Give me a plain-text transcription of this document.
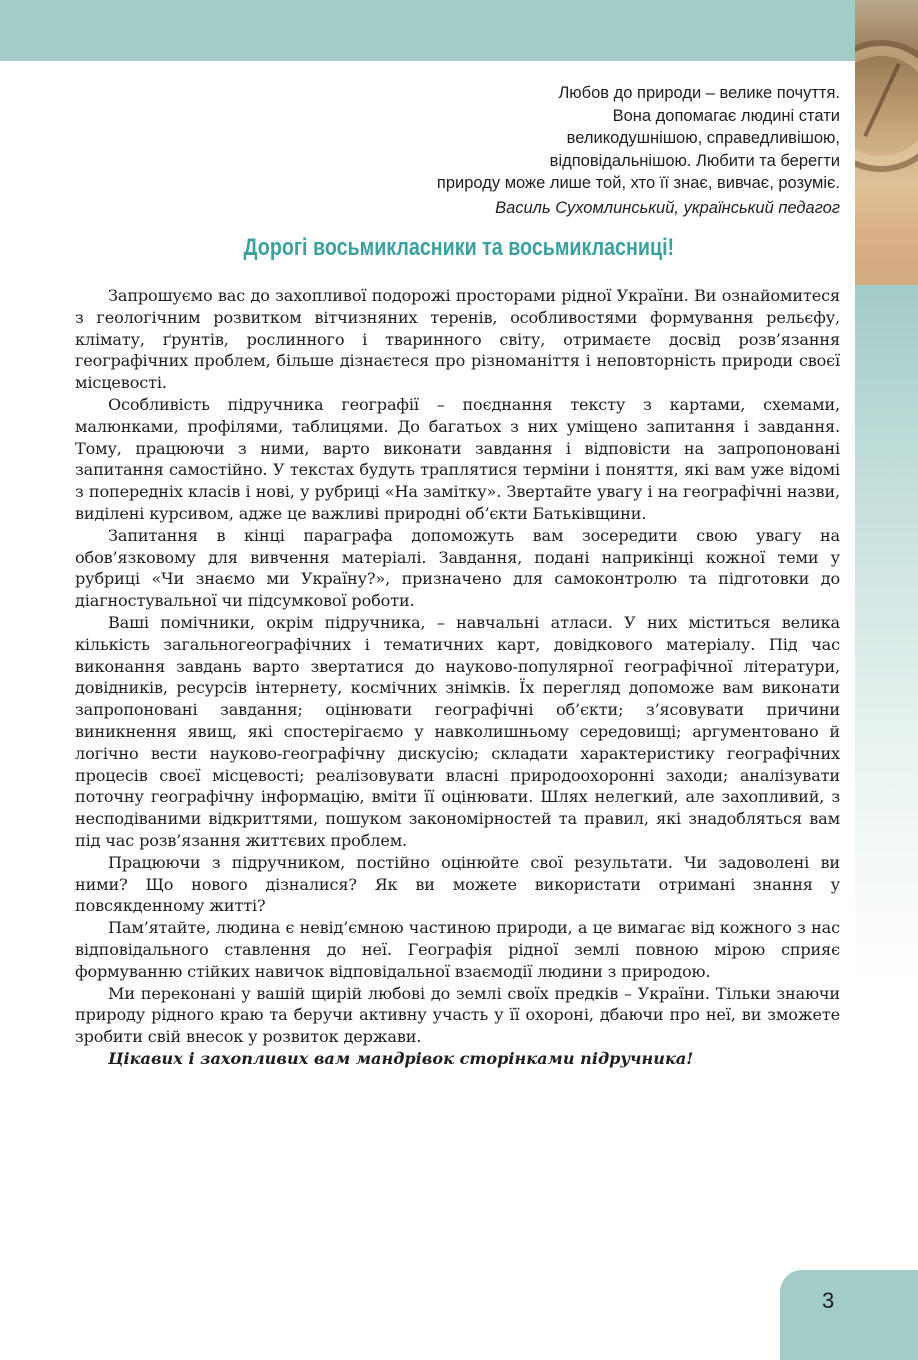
Любов до природи – велике почуття.
Вона допомагає людині стати
великодушнішою, справедливішою,
відповідальнішою. Любити та берегти
природу може лише той, хто її знає, вивчає, розуміє.
Василь Сухомлинський, український педагог
Дорогі восьмикласники та восьмикласниці!

Запрошуємо вас до захопливої подорожі просторами рідної України. Ви ознайомитеся з геологічним розвитком вітчизняних теренів, особливостями формування рельєфу, клімату, ґрунтів, рослинного і тваринного світу, отримаєте досвід розв’язання географічних проблем, більше дізнаєтеся про різноманіття і неповторність природи своєї місцевості.

Особливість підручника географії – поєднання тексту з картами, схемами, малюнками, профілями, таблицями. До багатьох з них уміщено запитання і завдання. Тому, працюючи з ними, варто виконати завдання і відповісти на запропоновані запитання самостійно. У текстах будуть траплятися терміни і поняття, які вам уже відомі з попередніх класів і нові, у рубриці «На замітку». Звертайте увагу і на географічні назви, виділені курсивом, адже це важливі природні об’єкти Батьківщини.

Запитання в кінці параграфа допоможуть вам зосередити свою увагу на обов’язковому для вивчення матеріалі. Завдання, подані наприкінці кожної теми у рубриці «Чи знаємо ми Україну?», призначено для самоконтролю та підготовки до діагностувальної чи підсумкової роботи.

Ваші помічники, окрім підручника, – навчальні атласи. У них міститься велика кількість загальногеографічних і тематичних карт, довідкового матеріалу. Під час виконання завдань варто звертатися до науково-популярної географічної літератури, довідників, ресурсів інтернету, космічних знімків. Їх перегляд допоможе вам виконати запропоновані завдання; оцінювати географічні об’єкти; з’ясовувати причини виникнення явищ, які спостерігаємо у навколишньому середовищі; аргументовано й логічно вести науково-географічну дискусію; складати характеристику географічних процесів своєї місцевості; реалізовувати власні природоохоронні заходи; аналізувати поточну географічну інформацію, вміти її оцінювати. Шлях нелегкий, але захопливий, з несподіваними відкриттями, пошуком закономірностей та правил, які знадобляться вам під час розв’язання життєвих проблем.

Працюючи з підручником, постійно оцінюйте свої результати. Чи задоволені ви ними? Що нового дізналися? Як ви можете використати отримані знання у повсякденному житті?

Пам’ятайте, людина є невід’ємною частиною природи, а це вимагає від кожного з нас відповідального ставлення до неї. Географія рідної землі повною мірою сприяє формуванню стійких навичок відповідальної взаємодії людини з природою.

Ми переконані у вашій щирій любові до землі своїх предків – України. Тільки знаючи природу рідного краю та беручи активну участь у її охороні, дбаючи про неї, ви зможете зробити свій внесок у розвиток держави.

Цікавих і захопливих вам мандрівок сторінками підручника!

3
